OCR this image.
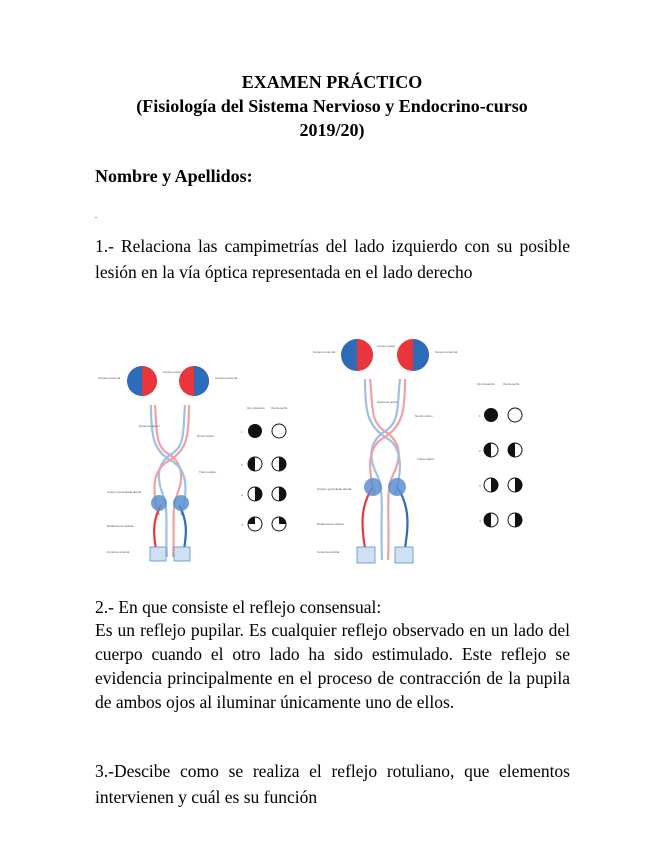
EXAMEN PRÁCTICO
(Fisiología del Sistema Nervioso y Endocrino-curso
2019/20)
Nombre y Apellidos:
.
1.- Relaciona las campimetrías del lado izquierdo con su posible lesión en la vía óptica representada en el lado derecho
Campo temporal
Campo nasal
Campo temporal
Quiasma óptico
Nervio óptico
Tracto óptico
Cuerpo geniculado lateral
Radiaciones ópticas
Corteza occipital
Ojo izquierdo Ojo derecho
1
2
3
4
Campo temporal
Campo nasal
Campo temporal
Quiasma óptico
Nervio óptico
Tracto óptico
Cuerpo geniculado lateral
Radiaciones ópticas
Corteza occipital
Ojo izquierdo	Ojo derecho
1
2
3
4
2.- En que consiste el reflejo consensual:
Es un reflejo pupilar. Es cualquier reflejo observado en un lado del cuerpo cuando el otro lado ha sido estimulado. Este reflejo se evidencia principalmente en el proceso de contracción de la pupila de ambos ojos al iluminar únicamente uno de ellos.
3.-Descibe como se realiza el reflejo rotuliano, que elementos intervienen y cuál es su función
